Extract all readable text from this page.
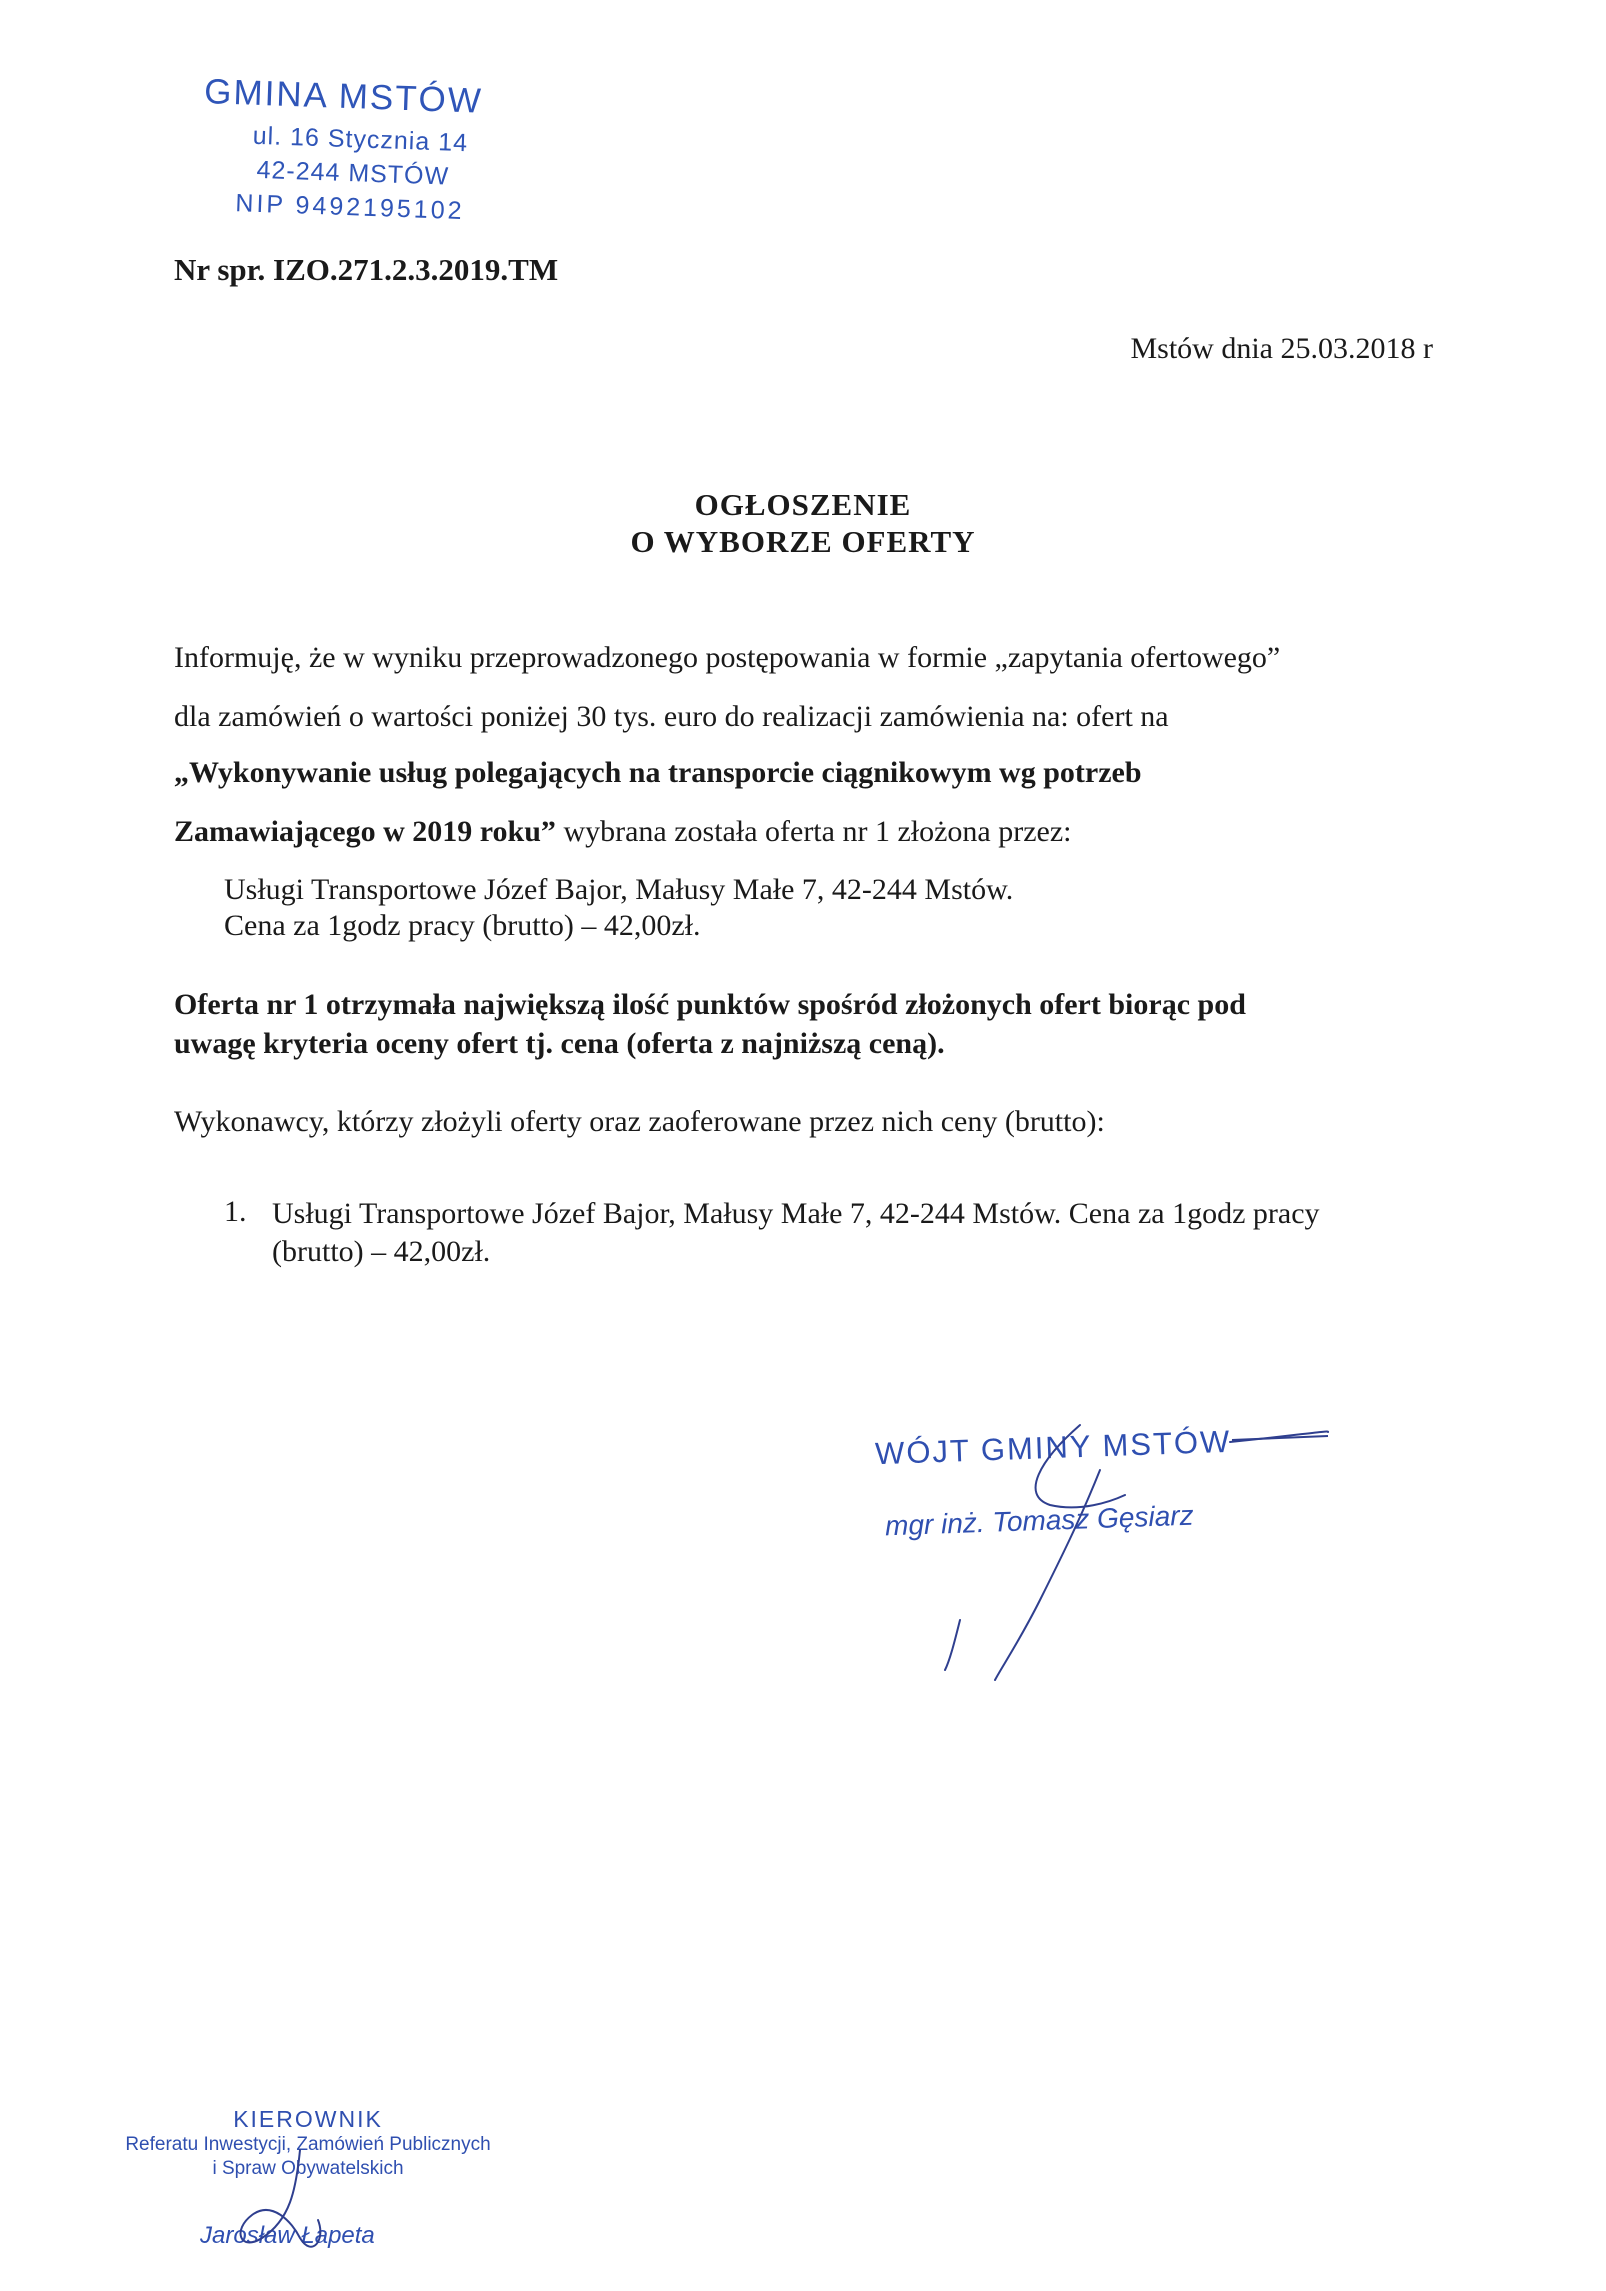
GMINA MSTÓW
ul. 16 Stycznia 14
42-244 MSTÓW
NIP 9492195102
Nr spr. IZO.271.2.3.2019.TM
Mstów dnia 25.03.2018 r
OGŁOSZENIE
O WYBORZE OFERTY
Informuję, że w wyniku przeprowadzonego postępowania w formie „zapytania ofertowego”
dla zamówień o wartości poniżej 30 tys. euro do realizacji zamówienia na: ofert na
„Wykonywanie usług polegających na transporcie ciągnikowym wg potrzeb
Zamawiającego w 2019 roku” wybrana została oferta nr 1 złożona przez:
Usługi Transportowe Józef Bajor, Małusy Małe 7, 42-244 Mstów.
Cena za 1godz pracy (brutto) – 42,00zł.
Oferta nr 1 otrzymała największą ilość punktów spośród złożonych ofert biorąc pod
uwagę kryteria oceny ofert tj. cena (oferta z najniższą ceną).
Wykonawcy, którzy złożyli oferty oraz zaoferowane przez nich ceny (brutto):
1. Usługi Transportowe Józef Bajor, Małusy Małe 7, 42-244 Mstów. Cena za 1godz pracy (brutto) – 42,00zł.
WÓJT GMINY MSTÓW
mgr inż. Tomasz Gęsiarz
KIEROWNIK
Referatu Inwestycji, Zamówień Publicznych
i Spraw Obywatelskich
Jarosław Łapeta
